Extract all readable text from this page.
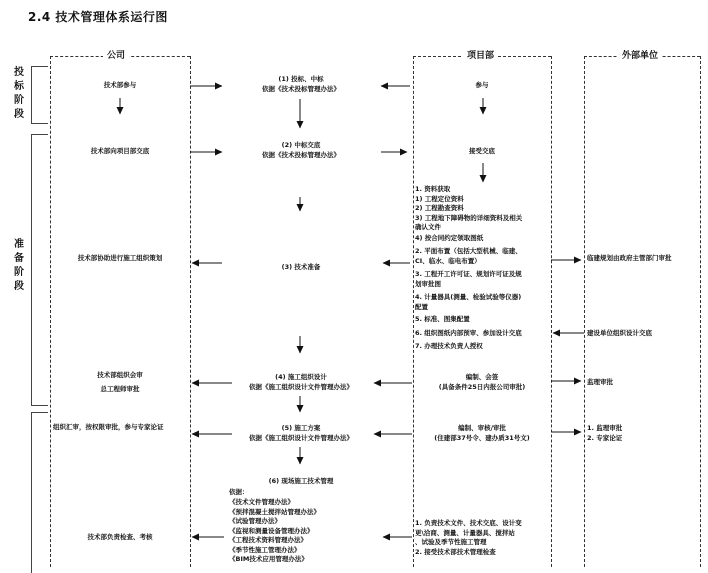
2.4 技术管理体系运行图
公司	项目部	外部单位
投
标
阶
段
准
备
阶
段
技术部参与
技术部向项目部交底
技术部协助进行施工组织策划
技术部组织会审
总工程师审批
组织汇审，按权限审批，参与专家论证
技术部负责检查、考核
(1) 投标、中标
依据《技术投标管理办法》
(2) 中标交底
依据《技术投标管理办法》
(3) 技术准备
(4) 施工组织设计
依据《施工组织设计文件管理办法》
(5) 施工方案
依据《施工组织设计文件管理办法》
(6) 现场施工技术管理
依据：
《技术文件管理办法》
《预拌混凝土搅拌站管理办法》
《试验管理办法》
《监视和测量设备管理办法》
《工程技术资料管理办法》
《季节性施工管理办法》
《BIM技术应用管理办法》
参与
接受交底
1. 资料获取
1) 工程定位资料
2) 工程勘查资料
3) 工程地下障碍物的详细资料及相关
确认文件
4) 按合同约定领取图纸
2. 平面布置（包括大型机械、临建、
CI、临水、临电布置）
3. 工程开工许可证、规划许可证及规
划审批图
4. 计量器具(测量、检验试验等仪器)
配置
5. 标准、图集配置
6. 组织图纸内部预审、参加设计交底
7. 办理技术负责人授权
编制、会签
(具备条件25日内报公司审批)
编制、审核/审批
(住建部37号令、建办质31号文)
1. 负责技术文件、技术交底、设计变
更\洽商、测量、计量器具、搅拌站
、试验及季节性施工管理
2. 接受技术部技术管理检查
临建规划由政府主管部门审批
建设单位组织设计交底
监理审批
1. 监理审批
2. 专家论证
